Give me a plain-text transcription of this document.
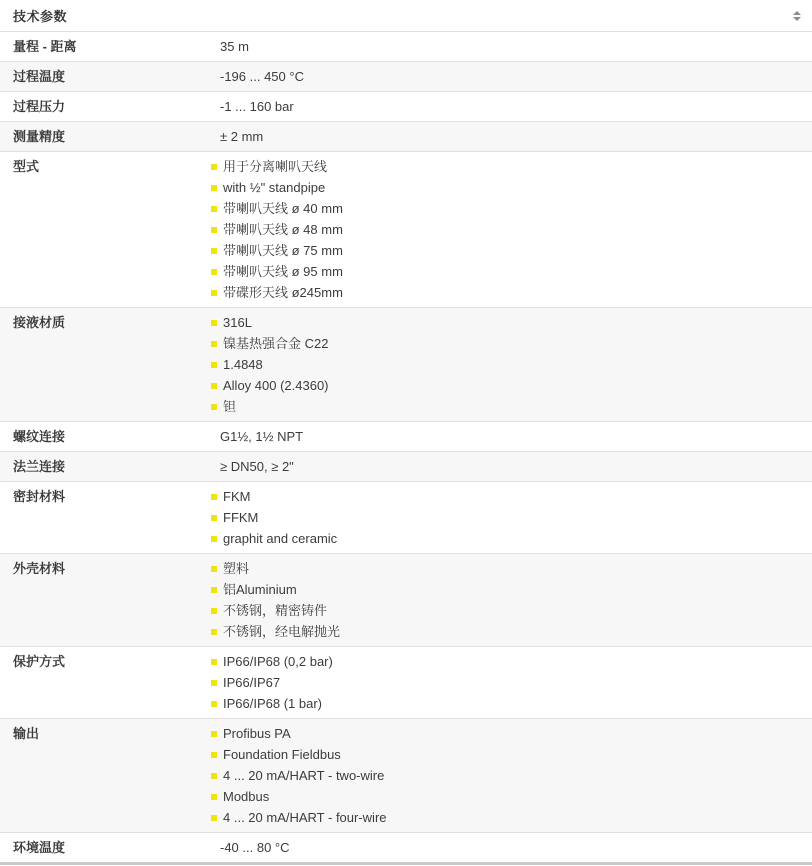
技术参数
量程 - 距离	35 m
过程温度	-196 ... 450 °C
过程压力	-1 ... 160 bar
测量精度	± 2 mm
型式	用于分离喇叭天线
with ½" standpipe
带喇叭天线 ø 40 mm
带喇叭天线 ø 48 mm
带喇叭天线 ø 75 mm
带喇叭天线 ø 95 mm
带碟形天线 ø245mm
接液材质	316L
镍基热强合金 C22
1.4848
Alloy 400 (2.4360)
钽
螺纹连接	G1½, 1½ NPT
法兰连接	≥ DN50, ≥ 2"
密封材料	FKM
FFKM
graphit and ceramic
外壳材料	塑料
铝Aluminium
不锈钢，精密铸件
不锈钢，经电解抛光
保护方式	IP66/IP68 (0,2 bar)
IP66/IP67
IP66/IP68 (1 bar)
输出	Profibus PA
Foundation Fieldbus
4 ... 20 mA/HART - two-wire
Modbus
4 ... 20 mA/HART - four-wire
环境温度	-40 ... 80 °C
